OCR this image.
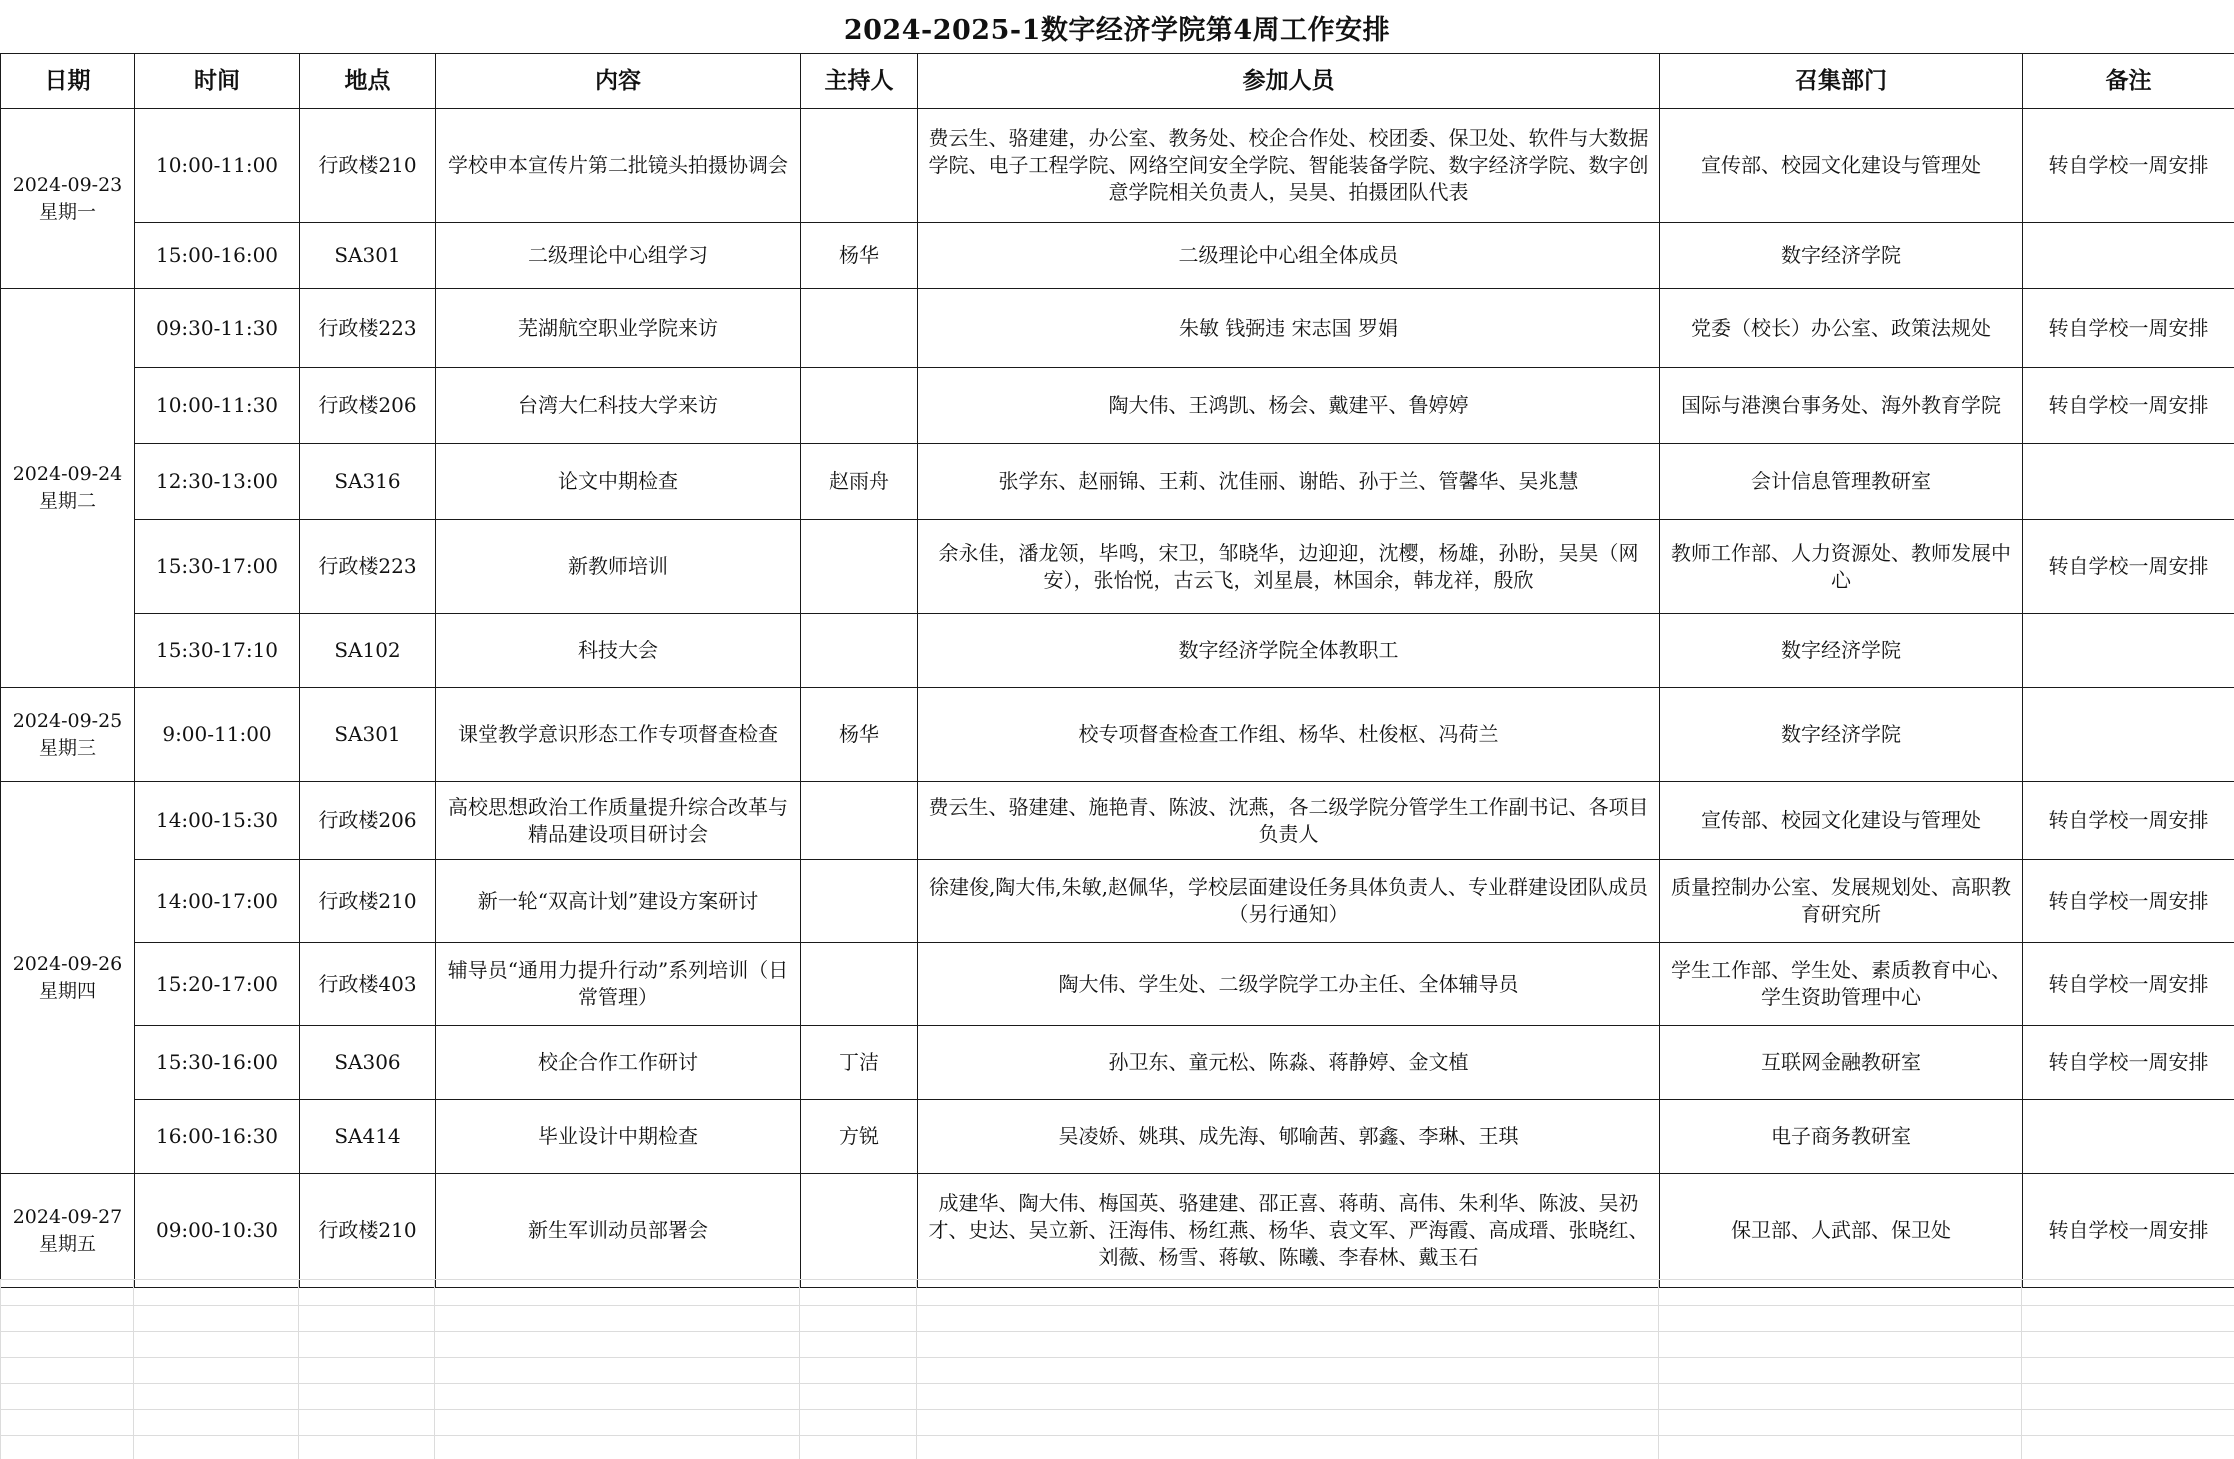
2024-2025-1数字经济学院第4周工作安排
日期	时间	地点	内容	主持人	参加人员	召集部门	备注

2024-09-23
星期一	10:00-11:00	行政楼210	学校申本宣传片第二批镜头拍摄协调会		费云生、骆建建，办公室、教务处、校企合作处、校团委、保卫处、软件与大数据学院、电子工程学院、网络空间安全学院、智能装备学院、数字经济学院、数字创意学院相关负责人，吴昊、拍摄团队代表	宣传部、校园文化建设与管理处	转自学校一周安排
	15:00-16:00	SA301	二级理论中心组学习	杨华	二级理论中心组全体成员	数字经济学院	

2024-09-24
星期二	09:30-11:30	行政楼223	芜湖航空职业学院来访		朱敏 钱弼违 宋志国 罗娟	党委（校长）办公室、政策法规处	转自学校一周安排
	10:00-11:30	行政楼206	台湾大仁科技大学来访		陶大伟、王鸿凯、杨会、戴建平、鲁婷婷	国际与港澳台事务处、海外教育学院	转自学校一周安排
	12:30-13:00	SA316	论文中期检查	赵雨舟	张学东、赵丽锦、王莉、沈佳丽、谢皓、孙于兰、管馨华、吴兆慧	会计信息管理教研室	
	15:30-17:00	行政楼223	新教师培训		余永佳，潘龙领，毕鸣，宋卫，邹晓华，边迎迎，沈樱，杨雄，孙盼，吴昊（网安），张怡悦，古云飞，刘星晨，林国余，韩龙祥，殷欣	教师工作部、人力资源处、教师发展中心	转自学校一周安排
	15:30-17:10	SA102	科技大会		数字经济学院全体教职工	数字经济学院	

2024-09-25
星期三	9:00-11:00	SA301	课堂教学意识形态工作专项督查检查	杨华	校专项督查检查工作组、杨华、杜俊枢、冯荷兰	数字经济学院	

2024-09-26
星期四	14:00-15:30	行政楼206	高校思想政治工作质量提升综合改革与精品建设项目研讨会		费云生、骆建建、施艳青、陈波、沈燕，各二级学院分管学生工作副书记、各项目负责人	宣传部、校园文化建设与管理处	转自学校一周安排
	14:00-17:00	行政楼210	新一轮“双高计划”建设方案研讨		徐建俊,陶大伟,朱敏,赵佩华，学校层面建设任务具体负责人、专业群建设团队成员（另行通知）	质量控制办公室、发展规划处、高职教育研究所	转自学校一周安排
	15:20-17:00	行政楼403	辅导员“通用力提升行动”系列培训（日常管理）		陶大伟、学生处、二级学院学工办主任、全体辅导员	学生工作部、学生处、素质教育中心、学生资助管理中心	转自学校一周安排
	15:30-16:00	SA306	校企合作工作研讨	丁洁	孙卫东、童元松、陈淼、蒋静婷、金文植	互联网金融教研室	转自学校一周安排
	16:00-16:30	SA414	毕业设计中期检查	方锐	吴凌娇、姚琪、成先海、郇喻茜、郭鑫、李琳、王琪	电子商务教研室	

2024-09-27
星期五	09:00-10:30	行政楼210	新生军训动员部署会		成建华、陶大伟、梅国英、骆建建、邵正喜、蒋萌、高伟、朱利华、陈波、吴礽才、史达、吴立新、汪海伟、杨红燕、杨华、袁文军、严海霞、高成瑨、张晓红、刘薇、杨雪、蒋敏、陈曦、李春林、戴玉石	保卫部、人武部、保卫处	转自学校一周安排
